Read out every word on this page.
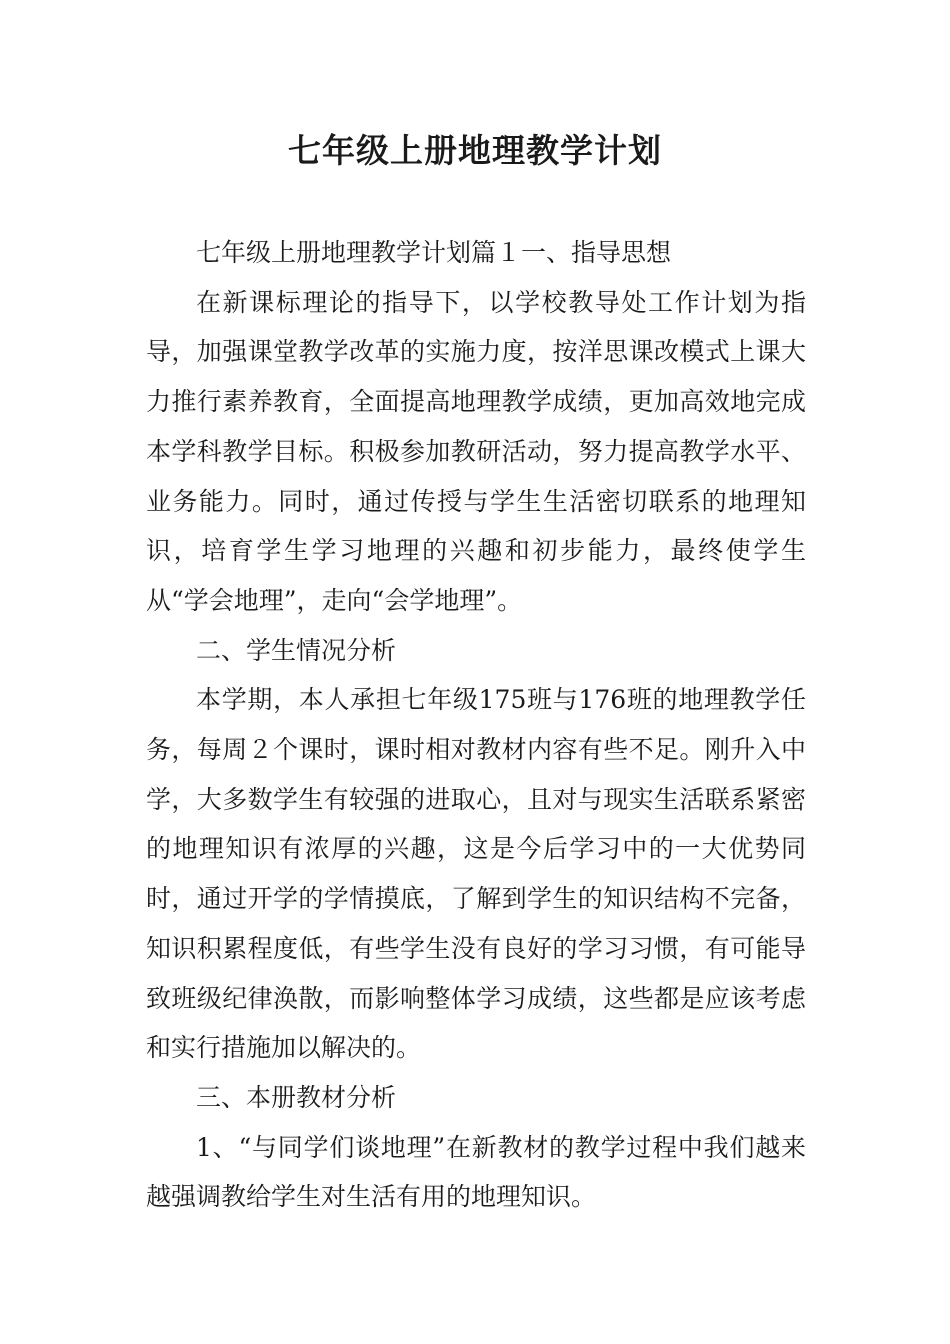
七年级上册地理教学计划

七年级上册地理教学计划篇１一、指导思想

在新课标理论的指导下，以学校教导处工作计划为指导，加强课堂教学改革的实施力度，按洋思课改模式上课大力推行素养教育，全面提高地理教学成绩，更加高效地完成本学科教学目标。积极参加教研活动，努力提高教学水平、业务能力。同时，通过传授与学生生活密切联系的地理知识，培育学生学习地理的兴趣和初步能力，最终使学生从“学会地理”，走向“会学地理”。

二、学生情况分析

本学期，本人承担七年级175班与176班的地理教学任务，每周２个课时，课时相对教材内容有些不足。刚升入中学，大多数学生有较强的进取心，且对与现实生活联系紧密的地理知识有浓厚的兴趣，这是今后学习中的一大优势同时，通过开学的学情摸底，了解到学生的知识结构不完备，知识积累程度低，有些学生没有良好的学习习惯，有可能导致班级纪律涣散，而影响整体学习成绩，这些都是应该考虑和实行措施加以解决的。

三、本册教材分析

1、“与同学们谈地理”在新教材的教学过程中我们越来越强调教给学生对生活有用的地理知识。
